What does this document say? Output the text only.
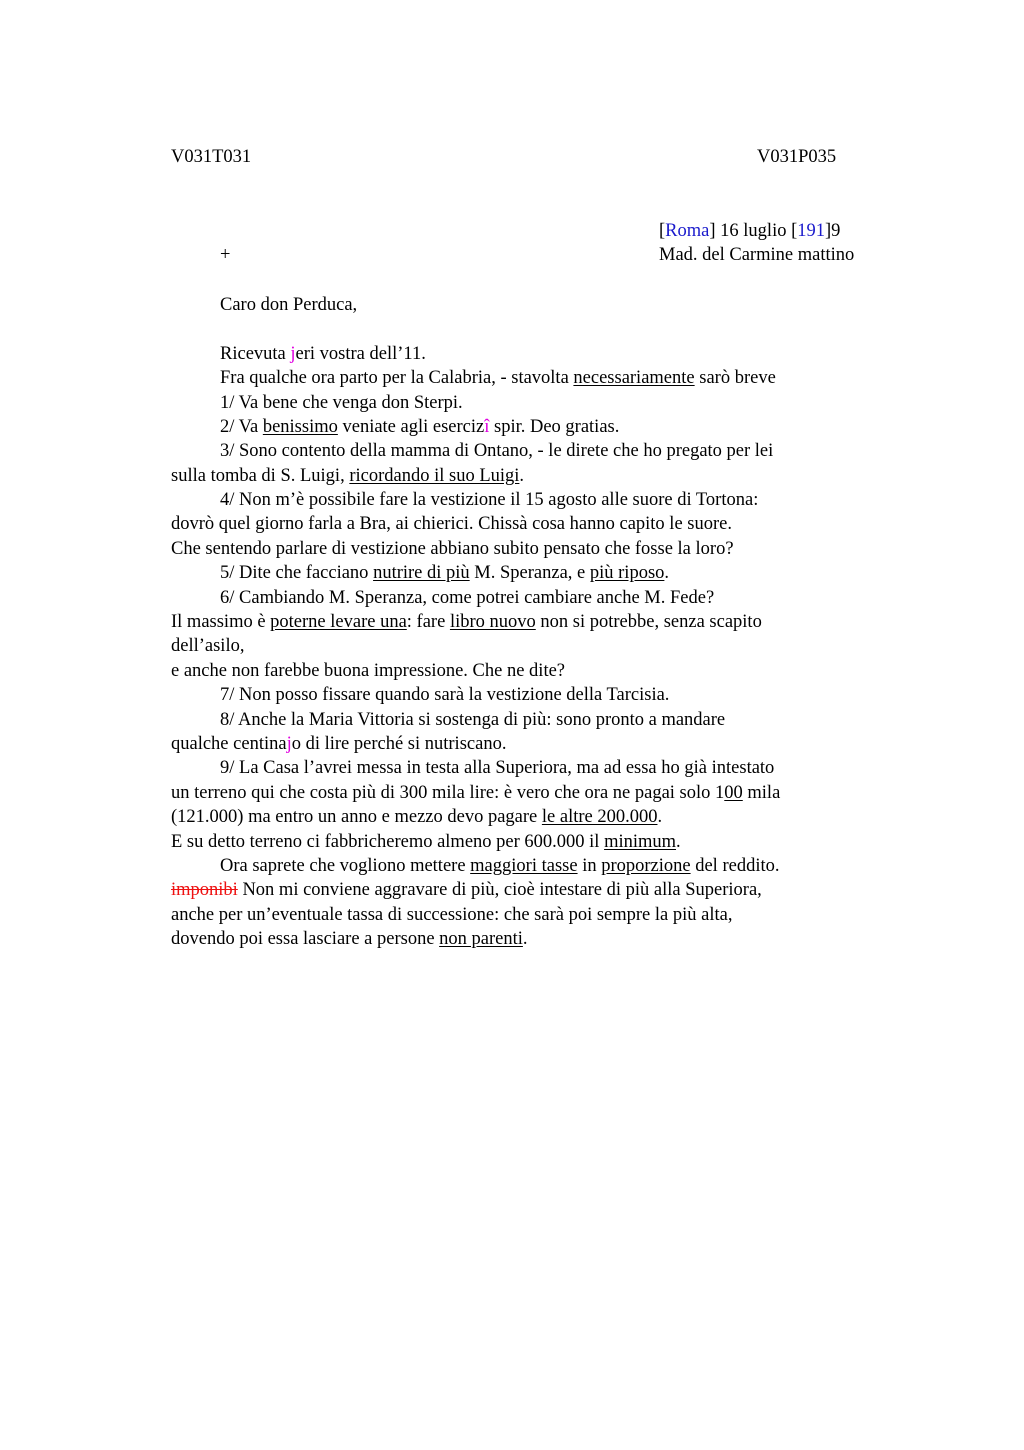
V031T031	V031P035
[Roma] 16 luglio [191]9
Mad. del Carmine mattino
+
Caro don Perduca,
Ricevuta jeri vostra dell’11.
Fra qualche ora parto per la Calabria, - stavolta necessariamente sarò breve
1/ Va bene che venga don Sterpi.
2/ Va benissimo veniate agli esercizî spir. Deo gratias.
3/ Sono contento della mamma di Ontano, - le direte che ho pregato per lei
sulla tomba di S. Luigi, ricordando il suo Luigi.
4/ Non m’è possibile fare la vestizione il 15 agosto alle suore di Tortona:
dovrò quel giorno farla a Bra, ai chierici. Chissà cosa hanno capito le suore.
Che sentendo parlare di vestizione abbiano subito pensato che fosse la loro?
5/ Dite che facciano nutrire di più M. Speranza, e più riposo.
6/ Cambiando M. Speranza, come potrei cambiare anche M. Fede?
Il massimo è poterne levare una: fare libro nuovo non si potrebbe, senza scapito
dell’asilo,
e anche non farebbe buona impressione. Che ne dite?
7/ Non posso fissare quando sarà la vestizione della Tarcisia.
8/ Anche la Maria Vittoria si sostenga di più: sono pronto a mandare
qualche centinajo di lire perché si nutriscano.
9/ La Casa l’avrei messa in testa alla Superiora, ma ad essa ho già intestato
un terreno qui che costa più di 300 mila lire: è vero che ora ne pagai solo 100 mila
(121.000) ma entro un anno e mezzo devo pagare le altre 200.000.
E su detto terreno ci fabbricheremo almeno per 600.000 il minimum.
Ora saprete che vogliono mettere maggiori tasse in proporzione del reddito.
imponibi Non mi conviene aggravare di più, cioè intestare di più alla Superiora,
anche per un’eventuale tassa di successione: che sarà poi sempre la più alta,
dovendo poi essa lasciare a persone non parenti.
